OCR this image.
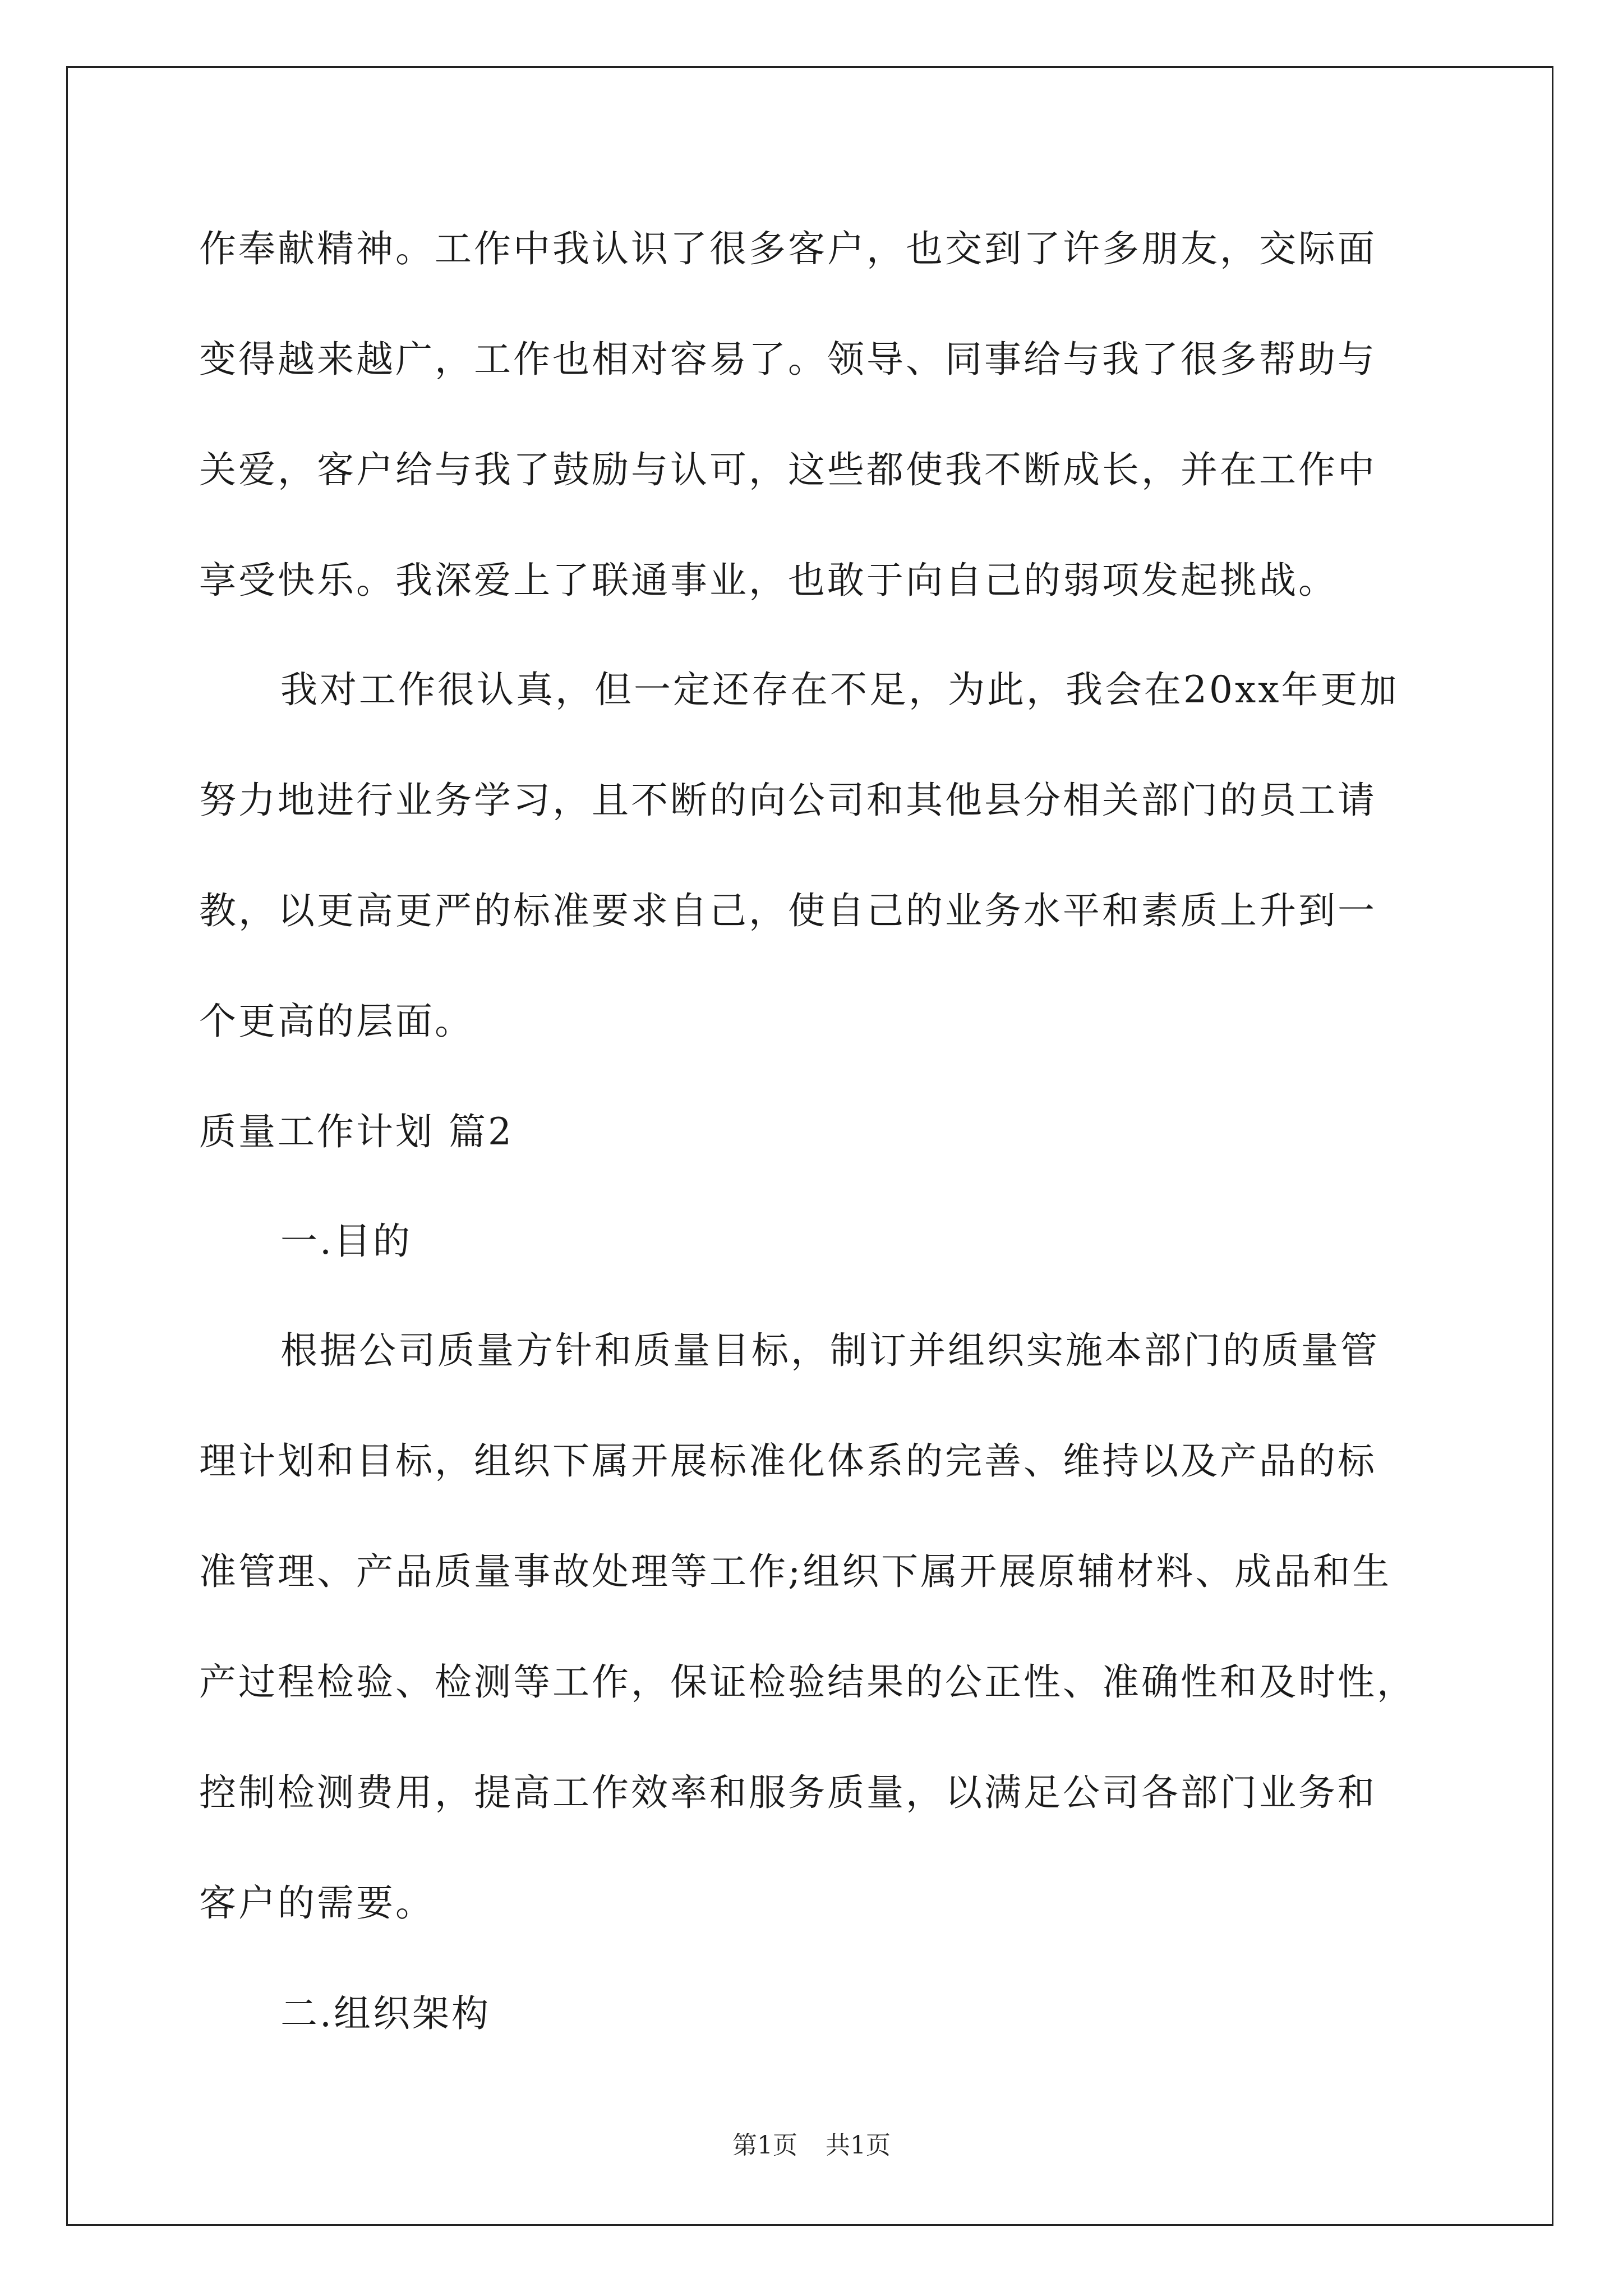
作奉献精神。工作中我认识了很多客户，也交到了许多朋友，交际面
变得越来越广，工作也相对容易了。领导、同事给与我了很多帮助与
关爱，客户给与我了鼓励与认可，这些都使我不断成长，并在工作中
享受快乐。我深爱上了联通事业，也敢于向自己的弱项发起挑战。
我对工作很认真，但一定还存在不足，为此，我会在20xx年更加
努力地进行业务学习，且不断的向公司和其他县分相关部门的员工请
教，以更高更严的标准要求自己，使自己的业务水平和素质上升到一
个更高的层面。
质量工作计划 篇2
一.目的
根据公司质量方针和质量目标，制订并组织实施本部门的质量管
理计划和目标，组织下属开展标准化体系的完善、维持以及产品的标
准管理、产品质量事故处理等工作;组织下属开展原辅材料、成品和生
产过程检验、检测等工作，保证检验结果的公正性、准确性和及时性，
控制检测费用，提高工作效率和服务质量，以满足公司各部门业务和
客户的需要。
二.组织架构
第1页 共1页
